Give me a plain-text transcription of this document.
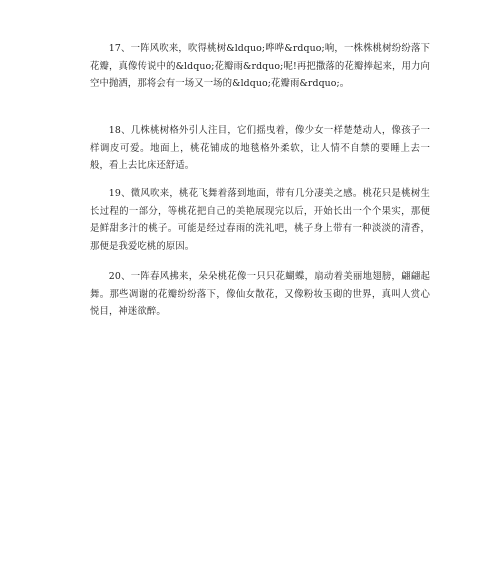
17、一阵风吹来，吹得桃树&ldquo;哗哗&rdquo;响，一株株桃树纷纷落下花瓣，真像传说中的&ldquo;花瓣雨&rdquo;呢!再把撒落的花瓣捧起来，用力向空中抛洒，那将会有一场又一场的&ldquo;花瓣雨&rdquo;。

18、几株桃树格外引人注目，它们摇曳着，像少女一样楚楚动人，像孩子一样调皮可爱。地面上，桃花铺成的地毯格外柔软，让人情不自禁的要睡上去一般，看上去比床还舒适。

19、微风吹来，桃花飞舞着落到地面，带有几分凄美之感。桃花只是桃树生长过程的一部分，等桃花把自己的美艳展现完以后，开始长出一个个果实，那便是鲜甜多汁的桃子。可能是经过春雨的洗礼吧，桃子身上带有一种淡淡的清香，那便是我爱吃桃的原因。

20、一阵春风拂来，朵朵桃花像一只只花蝴蝶，扇动着美丽地翅膀，翩翩起舞。那些凋谢的花瓣纷纷落下，像仙女散花，又像粉妆玉砌的世界，真叫人赏心悦目，神迷欲醉。
